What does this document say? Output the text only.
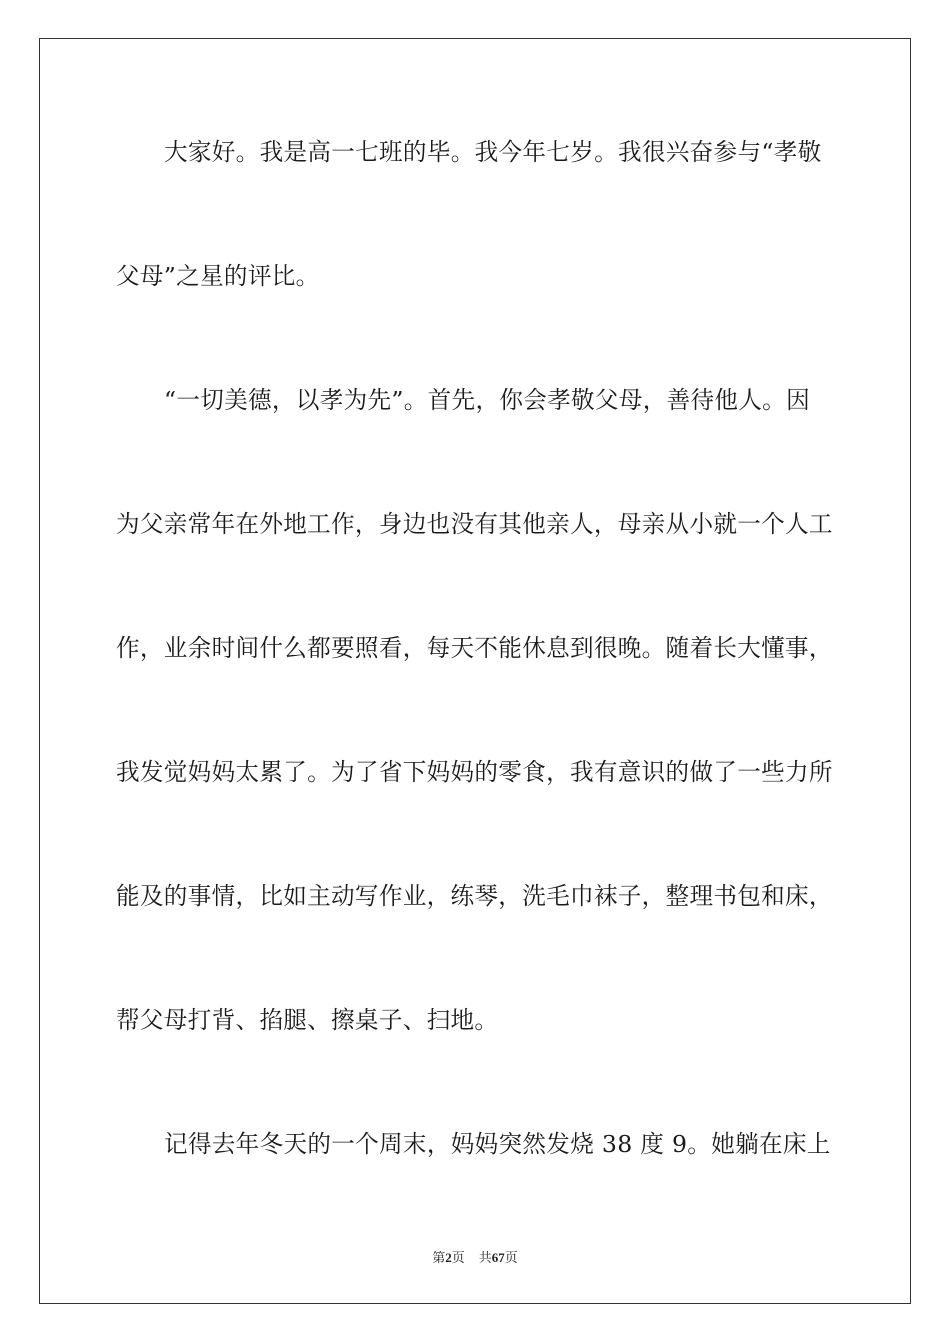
大家好。我是高一七班的毕。我今年七岁。我很兴奋参与“孝敬
父母”之星的评比。
“一切美德，以孝为先”。首先，你会孝敬父母，善待他人。因
为父亲常年在外地工作，身边也没有其他亲人，母亲从小就一个人工
作，业余时间什么都要照看，每天不能休息到很晚。随着长大懂事，
我发觉妈妈太累了。为了省下妈妈的零食，我有意识的做了一些力所
能及的事情，比如主动写作业，练琴，洗毛巾袜子，整理书包和床，
帮父母打背、掐腿、擦桌子、扫地。
记得去年冬天的一个周末，妈妈突然发烧 38 度 9。她躺在床上
第2页 共67页
